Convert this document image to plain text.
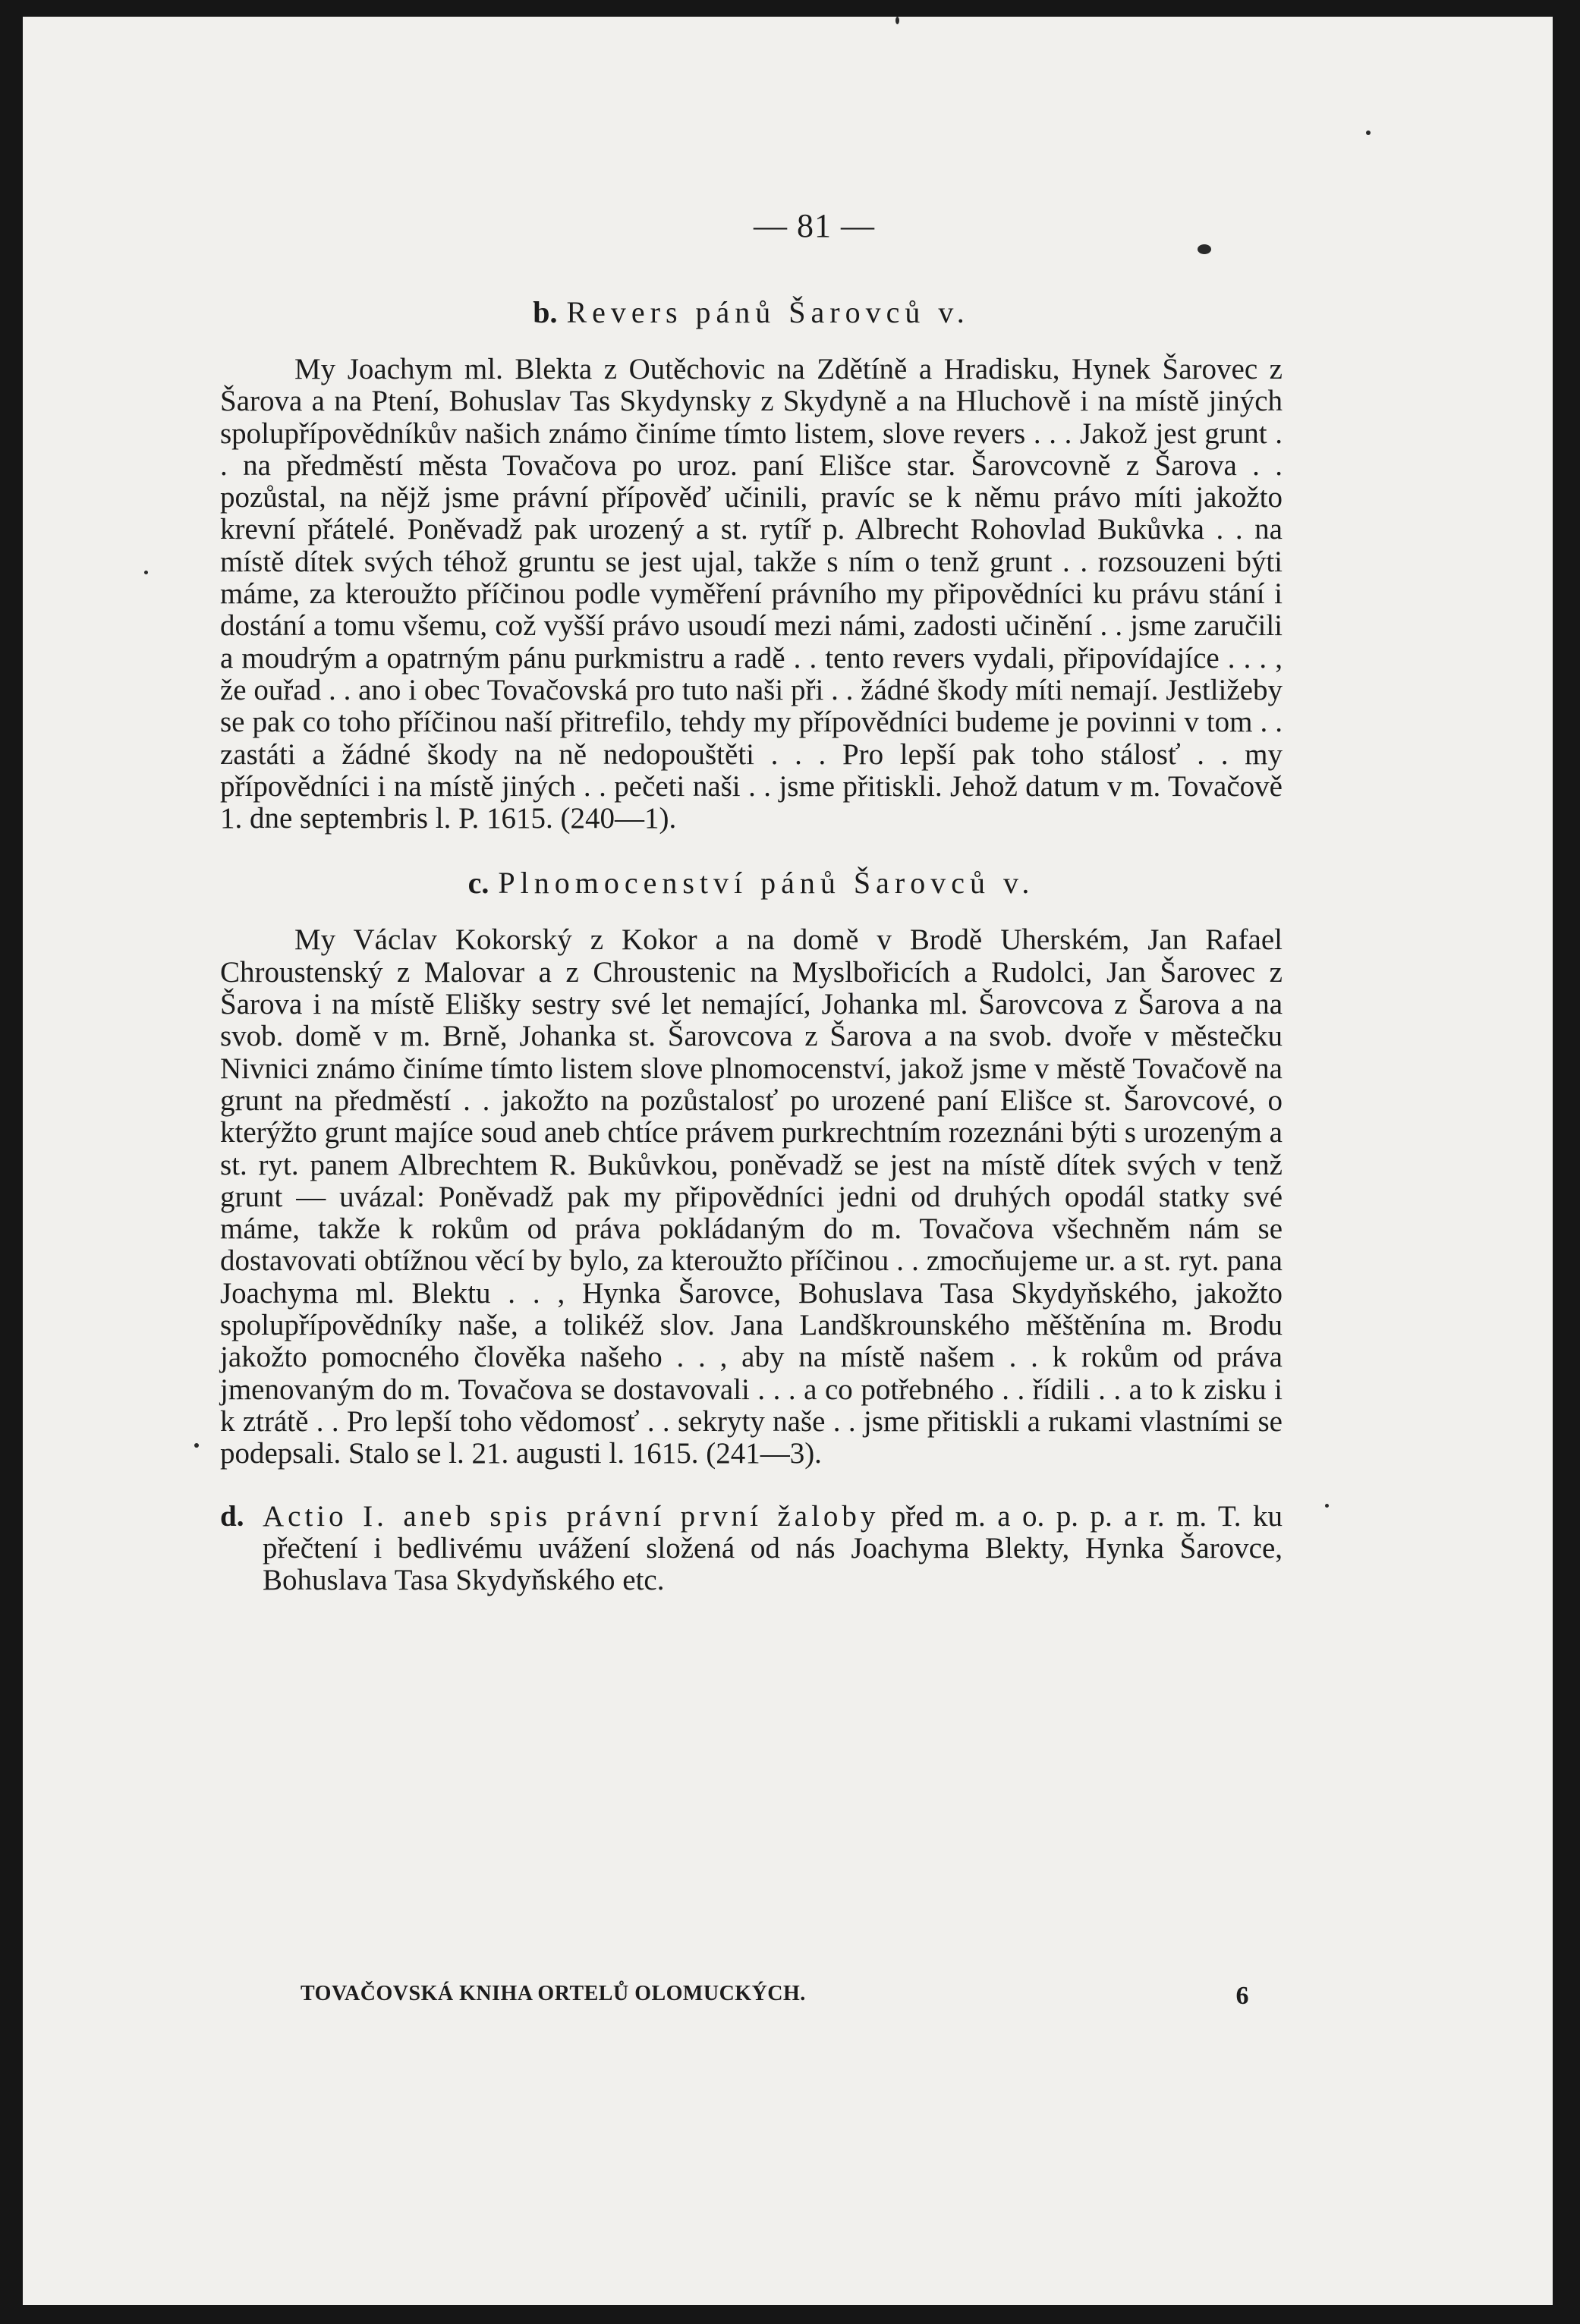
— 81 —
b. Revers pánů Šarovců v.

My Joachym ml. Blekta z Outěchovic na Zdětíně a Hradisku, Hynek Šarovec z Šarova a na Ptení, Bohuslav Tas Skydynsky z Skydyně a na Hluchově i na místě jiných spolupřípovědníkův našich známo činíme tímto listem, slove revers . . . Jakož jest grunt . . na předměstí města Tovačova po uroz. paní Elišce star. Šarovcovně z Šarova . . pozůstal, na nějž jsme právní přípověď učinili, pravíc se k němu právo míti jakožto krevní přátelé. Poněvadž pak urozený a st. rytíř p. Albrecht Rohovlad Bukůvka . . na místě dítek svých téhož gruntu se jest ujal, takže s ním o tenž grunt . . rozsouzeni býti máme, za kteroužto příčinou podle vyměření právního my připovědníci ku právu stání i dostání a tomu všemu, což vyšší právo usoudí mezi námi, zadosti učinění . . jsme zaručili a moudrým a opatrným pánu purkmistru a radě . . tento revers vydali, připovídajíce . . . , že ouřad . . ano i obec Tovačovská pro tuto naši při . . žádné škody míti nemají. Jestližeby se pak co toho příčinou naší přitrefilo, tehdy my přípovědníci budeme je povinni v tom . . zastáti a žádné škody na ně nedopouštěti . . . Pro lepší pak toho stálosť . . my přípovědníci i na místě jiných . . pečeti naši . . jsme přitiskli. Jehož datum v m. Tovačově 1. dne septembris l. P. 1615. (240—1).

c. Plnomocenství pánů Šarovců v.

My Václav Kokorský z Kokor a na domě v Brodě Uherském, Jan Rafael Chroustenský z Malovar a z Chroustenic na Myslbořicích a Rudolci, Jan Šarovec z Šarova i na místě Elišky sestry své let nemající, Johanka ml. Šarovcova z Šarova a na svob. domě v m. Brně, Johanka st. Šarovcova z Šarova a na svob. dvoře v městečku Nivnici známo činíme tímto listem slove plnomocenství, jakož jsme v městě Tovačově na grunt na předměstí . . jakožto na pozůstalosť po urozené paní Elišce st. Šarovcové, o kterýžto grunt majíce soud aneb chtíce právem purkrechtním rozeznáni býti s urozeným a st. ryt. panem Albrechtem R. Bukůvkou, poněvadž se jest na místě dítek svých v tenž grunt — uvázal: Poněvadž pak my připovědníci jedni od druhých opodál statky své máme, takže k rokům od práva pokládaným do m. Tovačova všechněm nám se dostavovati obtížnou věcí by bylo, za kteroužto příčinou . . zmocňujeme ur. a st. ryt. pana Joachyma ml. Blektu . . , Hynka Šarovce, Bohuslava Tasa Skydyňského, jakožto spolupřípovědníky naše, a tolikéž slov. Jana Landškrounského měštěnína m. Brodu jakožto pomocného člověka našeho . . , aby na místě našem . . k rokům od práva jmenovaným do m. Tovačova se dostavovali . . . a co potřebného . . řídili . . a to k zisku i k ztrátě . . Pro lepší toho vědomosť . . sekryty naše . . jsme přitiskli a rukami vlastními se podepsali. Stalo se l. 21. augusti l. 1615. (241—3).

d. Actio I. aneb spis právní první žaloby před m. a o. p. p. a r. m. T. ku přečtení i bedlivému uvážení složená od nás Joachyma Blekty, Hynka Šarovce, Bohuslava Tasa Skydyňského etc.
TOVAČOVSKÁ KNIHA ORTELŮ OLOMUCKÝCH.	6
